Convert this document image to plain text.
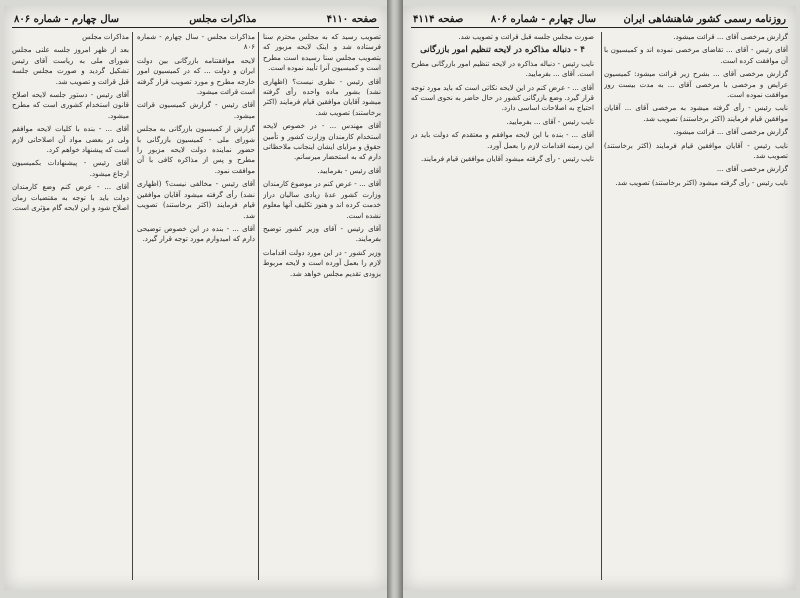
صفحه ۴۱۱۰
مذاکرات مجلس
سال چهارم - شماره ۸۰۶

تصویب رسید که به مجلس محترم سنا فرستاده شد و اینک لایحه مزبور که بتصویب مجلس سنا رسیده است مطرح است و کمیسیون آنرا تأیید نموده است.

آقای رئیس - نظری نیست؟ (اظهاری نشد) بشور ماده واحده رأی گرفته میشود آقایان موافقین قیام فرمایند (اکثر برخاستند) تصویب شد.

آقای مهندس ... - در خصوص لایحه استخدام کارمندان وزارت کشور و تأمین حقوق و مزایای ایشان اینجانب ملاحظاتی دارم که به استحضار میرسانم.

آقای رئیس - بفرمایید.

آقای ... - عرض کنم در موضوع کارمندان وزارت کشور عدۀ زیادی سالیان دراز خدمت کرده اند و هنوز تکلیف آنها معلوم نشده است.

آقای رئیس - آقای وزیر کشور توضیح بفرمایند.

وزیر کشور - در این مورد دولت اقدامات لازم را بعمل آورده است و لایحه مربوط بزودی تقدیم مجلس خواهد شد.

مذاکرات مجلس - سال چهارم - شماره ۸۰۶

لایحه موافقتنامه بازرگانی بین دولت ایران و دولت ... که در کمیسیون امور خارجه مطرح و مورد تصویب قرار گرفته است قرائت میشود.

آقای رئیس - گزارش کمیسیون قرائت میشود.

گزارش از کمیسیون بازرگانی به مجلس شورای ملی - کمیسیون بازرگانی با حضور نماینده دولت لایحه مزبور را مطرح و پس از مذاکره کافی با آن موافقت نمود.

آقای رئیس - مخالفی نیست؟ (اظهاری نشد) رأی گرفته میشود آقایان موافقین قیام فرمایند (اکثر برخاستند) تصویب شد.

آقای ... - بنده در این خصوص توضیحی دارم که امیدوارم مورد توجه قرار گیرد.

مذاکرات مجلس

بعد از ظهر امروز جلسه علنی مجلس شورای ملی به ریاست آقای رئیس تشکیل گردید و صورت مجلس جلسه قبل قرائت و تصویب شد.

آقای رئیس - دستور جلسه لایحه اصلاح قانون استخدام کشوری است که مطرح میشود.

آقای ... - بنده با کلیات لایحه موافقم ولی در بعضی مواد آن اصلاحاتی لازم است که پیشنهاد خواهم کرد.

آقای رئیس - پیشنهادات بکمیسیون ارجاع میشود.

آقای ... - عرض کنم وضع کارمندان دولت باید با توجه به مقتضیات زمان اصلاح شود و این لایحه گام مؤثری است.

روزنامه رسمی کشور شاهنشاهی ایران
سال چهارم - شماره ۸۰۶
صفحه ۴۱۱۴

گزارش مرخصی آقای ... قرائت میشود.

آقای رئیس - آقای ... تقاضای مرخصی نموده اند و کمیسیون با آن موافقت کرده است.

گزارش مرخصی آقای ... بشرح زیر قرائت میشود: کمیسیون عرایض و مرخصی با مرخصی آقای ... به مدت بیست روز موافقت نموده است.

نایب رئیس - رأی گرفته میشود به مرخصی آقای ... آقایان موافقین قیام فرمایند (اکثر برخاستند) تصویب شد.

گزارش مرخصی آقای ... قرائت میشود.

نایب رئیس - آقایان موافقین قیام فرمایند (اکثر برخاستند) تصویب شد.

گزارش مرخصی آقای ...

نایب رئیس - رأی گرفته میشود (اکثر برخاستند) تصویب شد.

صورت مجلس جلسه قبل قرائت و تصویب شد.

۴ - دنباله مذاکره در لایحه تنظیم امور بازرگانی

نایب رئیس - دنباله مذاکره در لایحه تنظیم امور بازرگانی مطرح است. آقای ... بفرمایید.

آقای ... - عرض کنم در این لایحه نکاتی است که باید مورد توجه قرار گیرد. وضع بازرگانی کشور در حال حاضر به نحوی است که احتیاج به اصلاحات اساسی دارد.

نایب رئیس - آقای ... بفرمایید.

آقای ... - بنده با این لایحه موافقم و معتقدم که دولت باید در این زمینه اقدامات لازم را بعمل آورد.

نایب رئیس - رأی گرفته میشود آقایان موافقین قیام فرمایند.
